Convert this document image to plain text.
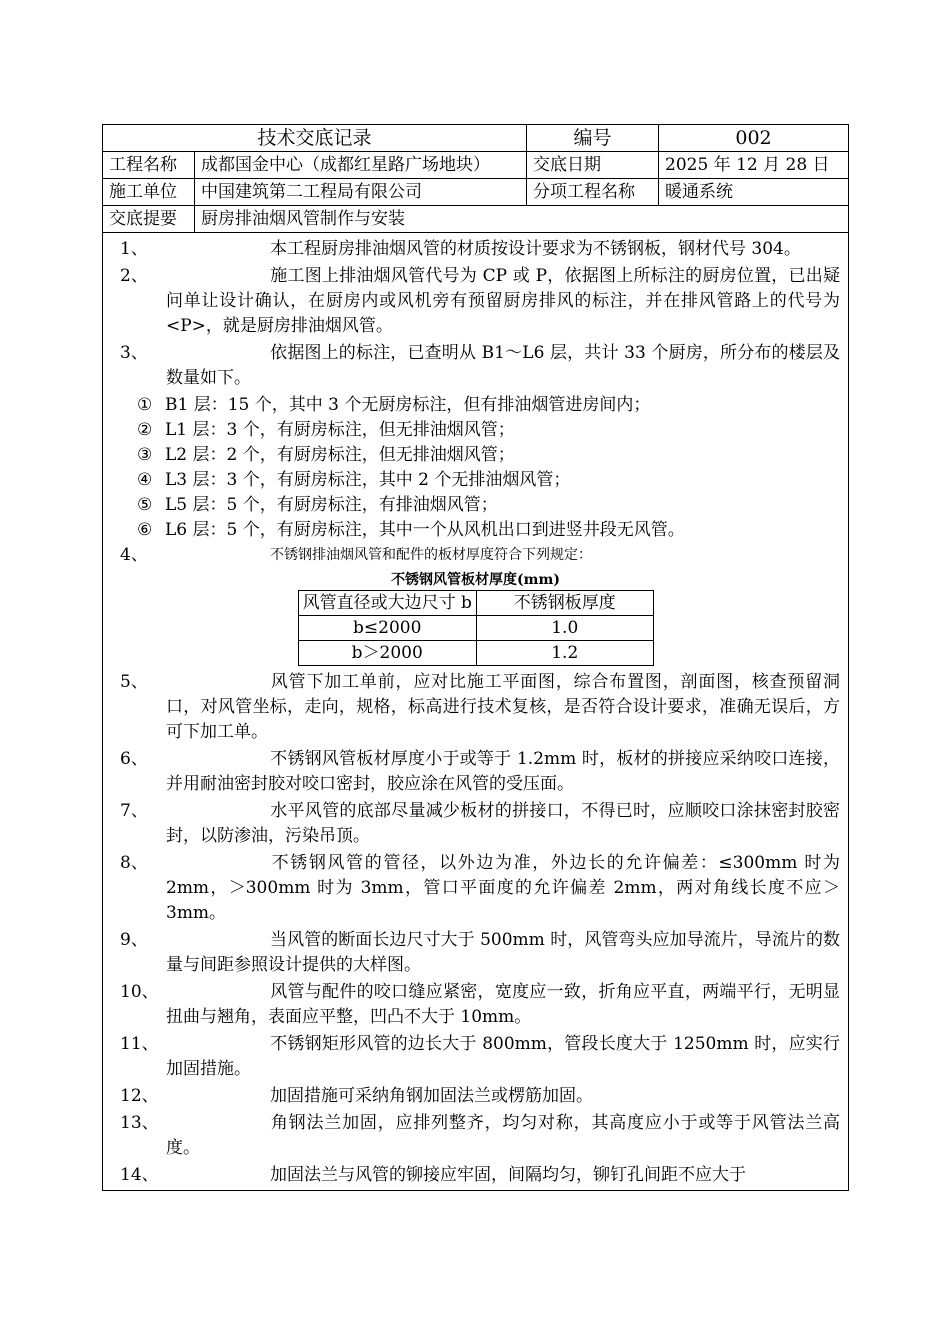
技术交底记录	编号	002
工程名称	成都国金中心（成都红星路广场地块）	交底日期	2025 年 12 月 28 日
施工单位	中国建筑第二工程局有限公司	分项工程名称	暖通系统
交底提要	厨房排油烟风管制作与安装

1、	本工程厨房排油烟风管的材质按设计要求为不锈钢板，钢材代号 304。
2、	施工图上排油烟风管代号为 CP 或 P，依据图上所标注的厨房位置，已出疑问单让设计确认，在厨房内或风机旁有预留厨房排风的标注，并在排风管路上的代号为<P>，就是厨房排油烟风管。
3、	依据图上的标注，已查明从 B1～L6 层，共计 33 个厨房，所分布的楼层及数量如下。
① B1 层：15 个，其中 3 个无厨房标注，但有排油烟管进房间内；
② L1 层：3 个，有厨房标注，但无排油烟风管；
③ L2 层：2 个，有厨房标注，但无排油烟风管；
④ L3 层：3 个，有厨房标注，其中 2 个无排油烟风管；
⑤ L5 层：5 个，有厨房标注，有排油烟风管；
⑥ L6 层：5 个，有厨房标注，其中一个从风机出口到进竖井段无风管。
4、	不锈钢排油烟风管和配件的板材厚度符合下列规定：
不锈钢风管板材厚度(mm)
风管直径或大边尺寸 b	不锈钢板厚度
b≤2000	1.0
b＞2000	1.2
5、	风管下加工单前，应对比施工平面图，综合布置图，剖面图，核查预留洞口，对风管坐标，走向，规格，标高进行技术复核，是否符合设计要求，准确无误后，方可下加工单。
6、	不锈钢风管板材厚度小于或等于 1.2mm 时，板材的拼接应采纳咬口连接，并用耐油密封胶对咬口密封，胶应涂在风管的受压面。
7、	水平风管的底部尽量减少板材的拼接口，不得已时，应顺咬口涂抹密封胶密封，以防渗油，污染吊顶。
8、	不锈钢风管的管径，以外边为准，外边长的允许偏差：≤300mm 时为 2mm，＞300mm 时为 3mm，管口平面度的允许偏差 2mm，两对角线长度不应＞3mm。
9、	当风管的断面长边尺寸大于 500mm 时，风管弯头应加导流片，导流片的数量与间距参照设计提供的大样图。
10、	风管与配件的咬口缝应紧密，宽度应一致，折角应平直，两端平行，无明显扭曲与翘角，表面应平整，凹凸不大于 10mm。
11、	不锈钢矩形风管的边长大于 800mm，管段长度大于 1250mm 时，应实行加固措施。
12、	加固措施可采纳角钢加固法兰或楞筋加固。
13、	角钢法兰加固，应排列整齐，均匀对称，其高度应小于或等于风管法兰高度。
14、	加固法兰与风管的铆接应牢固，间隔均匀，铆钉孔间距不应大于
